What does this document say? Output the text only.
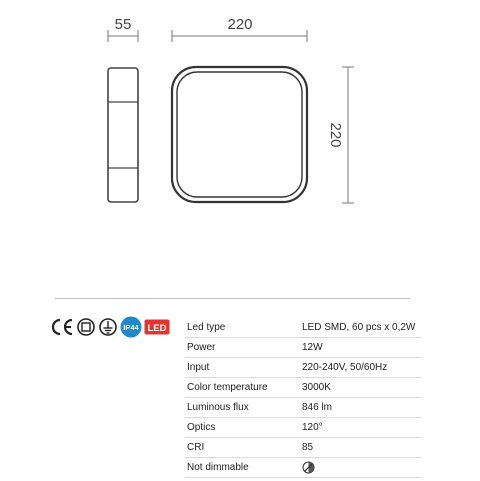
55	220
220
IP44 LED Led type	LED SMD, 60 pcs x 0,2W
Power	12W
Input	220-240V, 50/60Hz
Color temperature	3000K
Luminous flux	846 lm
Optics	120°
CRI	85
Not dimmable
